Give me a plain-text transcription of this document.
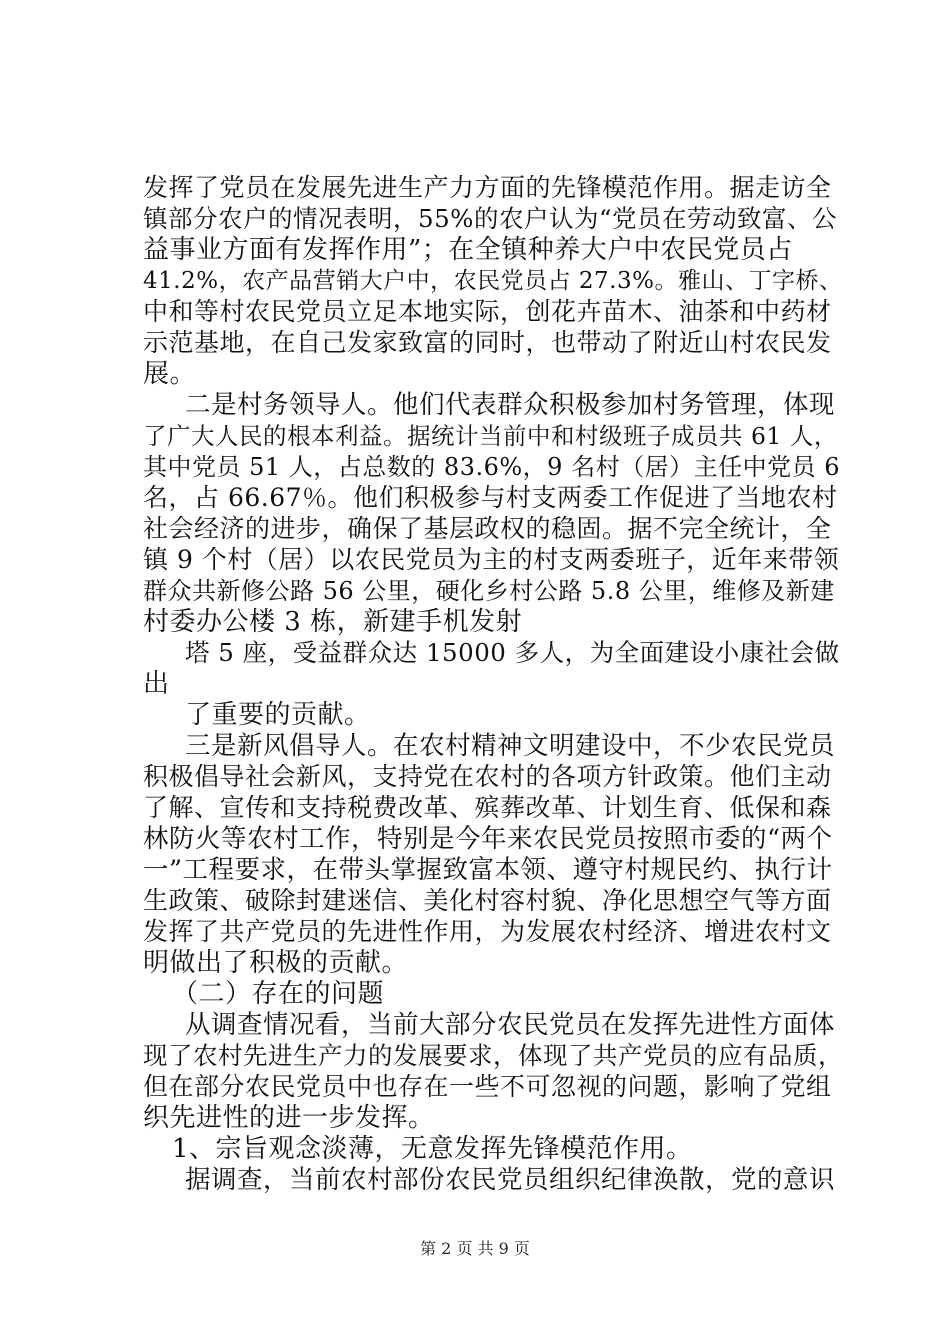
发挥了党员在发展先进生产力方面的先锋模范作用。据走访全
镇部分农户的情况表明，55%的农户认为“党员在劳动致富、公
益事业方面有发挥作用”；在全镇种养大户中农民党员占
41.2%，农产品营销大户中，农民党员占 27.3%。雅山、丁字桥、
中和等村农民党员立足本地实际，创花卉苗木、油茶和中药材
示范基地，在自己发家致富的同时，也带动了附近山村农民发
展。
二是村务领导人。他们代表群众积极参加村务管理，体现
了广大人民的根本利益。据统计当前中和村级班子成员共 61 人，
其中党员 51 人，占总数的 83.6%，9 名村（居）主任中党员 6
名，占 66.67％。他们积极参与村支两委工作促进了当地农村
社会经济的进步，确保了基层政权的稳固。据不完全统计，全
镇 9 个村（居）以农民党员为主的村支两委班子，近年来带领
群众共新修公路 56 公里，硬化乡村公路 5.8 公里，维修及新建
村委办公楼 3 栋，新建手机发射
塔 5 座，受益群众达 15000 多人，为全面建设小康社会做
出
了重要的贡献。
三是新风倡导人。在农村精神文明建设中，不少农民党员
积极倡导社会新风，支持党在农村的各项方针政策。他们主动
了解、宣传和支持税费改革、殡葬改革、计划生育、低保和森
林防火等农村工作，特别是今年来农民党员按照市委的“两个
一”工程要求，在带头掌握致富本领、遵守村规民约、执行计
生政策、破除封建迷信、美化村容村貌、净化思想空气等方面
发挥了共产党员的先进性作用，为发展农村经济、增进农村文
明做出了积极的贡献。
（二）存在的问题
从调查情况看，当前大部分农民党员在发挥先进性方面体
现了农村先进生产力的发展要求，体现了共产党员的应有品质，
但在部分农民党员中也存在一些不可忽视的问题，影响了党组
织先进性的进一步发挥。
1、宗旨观念淡薄，无意发挥先锋模范作用。
据调查，当前农村部份农民党员组织纪律涣散，党的意识
第 2 页 共 9 页
